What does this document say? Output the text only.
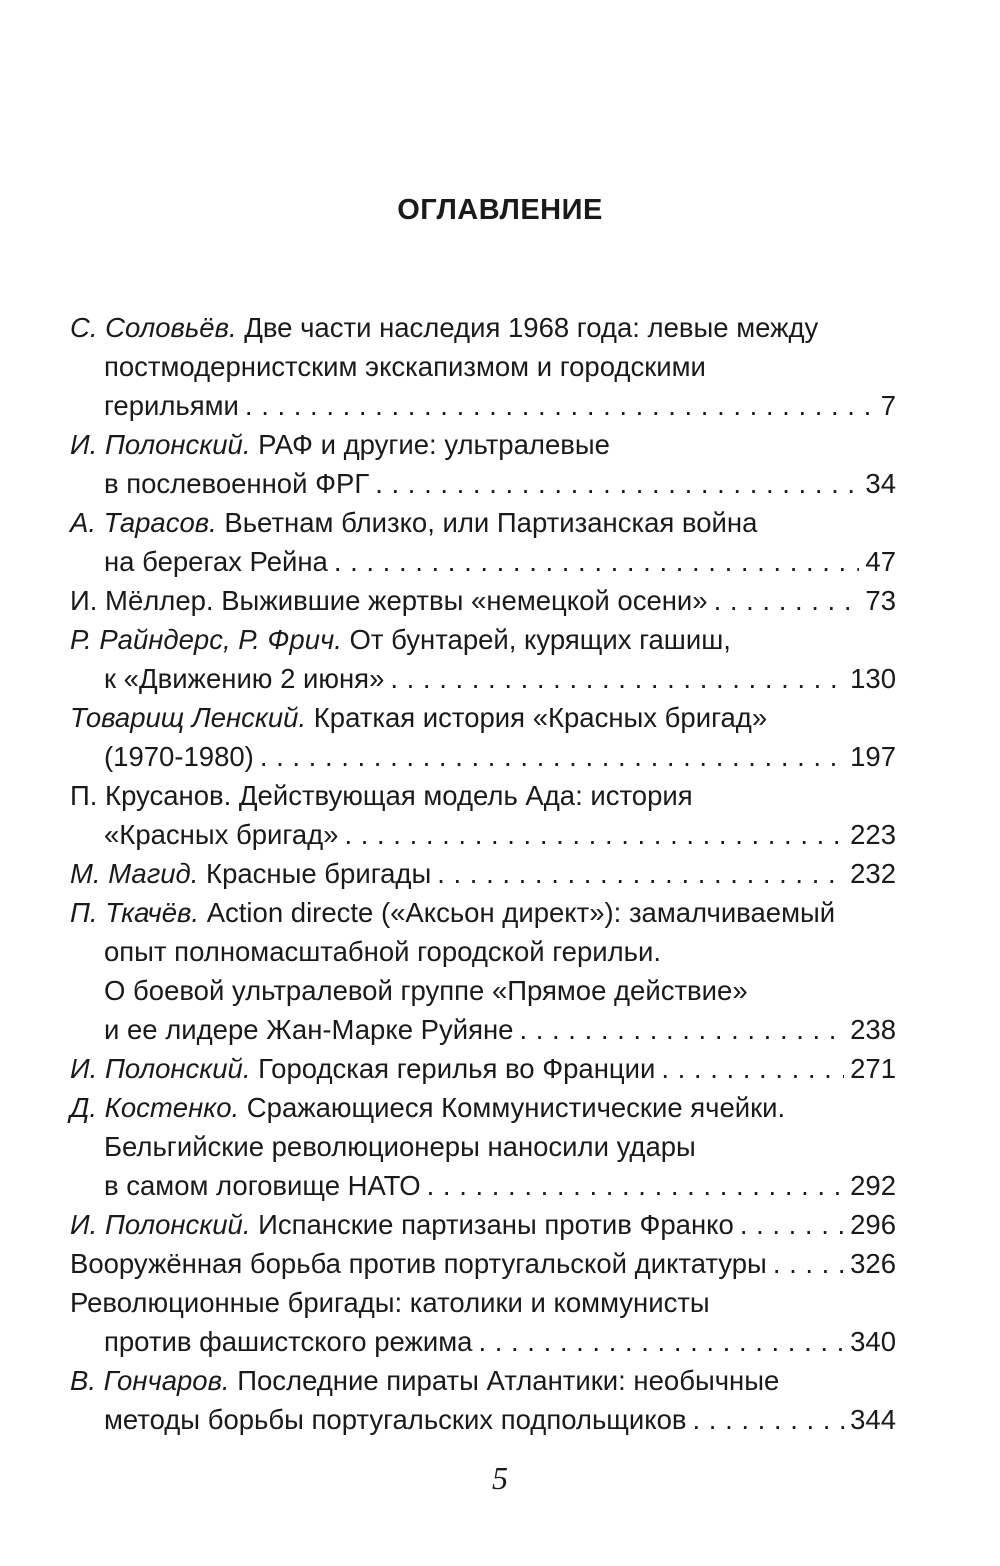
ОГЛАВЛЕНИЕ
С. Соловьёв. Две части наследия 1968 года: левые между
постмодернистским экскапизмом и городскими
герильями . . .	7
И. Полонский. РАФ и другие: ультралевые
в послевоенной ФРГ . . .	34
А. Тарасов. Вьетнам близко, или Партизанская война
на берегах Рейна . . .	47
И. Мёллер. Выжившие жертвы «немецкой осени» . . .	73
Р. Райндерс, Р. Фрич. От бунтарей, курящих гашиш,
к «Движению 2 июня» . . .	130
Товарищ Ленский. Краткая история «Красных бригад»
(1970-1980) . . .	197
П. Крусанов. Действующая модель Ада: история
«Красных бригад» . . .	223
М. Магид. Красные бригады . . .	232
П. Ткачёв. Action directe («Аксьон директ»): замалчиваемый
опыт полномасштабной городской герильи.
О боевой ультралевой группе «Прямое действие»
и ее лидере Жан-Марке Руйяне . . .	238
И. Полонский. Городская герилья во Франции . . .	271
Д. Костенко. Сражающиеся Коммунистические ячейки.
Бельгийские революционеры наносили удары
в самом логовище НАТО . . .	292
И. Полонский. Испанские партизаны против Франко . . .	296
Вооружённая борьба против португальской диктатуры . . .	326
Революционные бригады: католики и коммунисты
против фашистского режима . . .	340
В. Гончаров. Последние пираты Атлантики: необычные
методы борьбы португальских подпольщиков . . .	344
5
